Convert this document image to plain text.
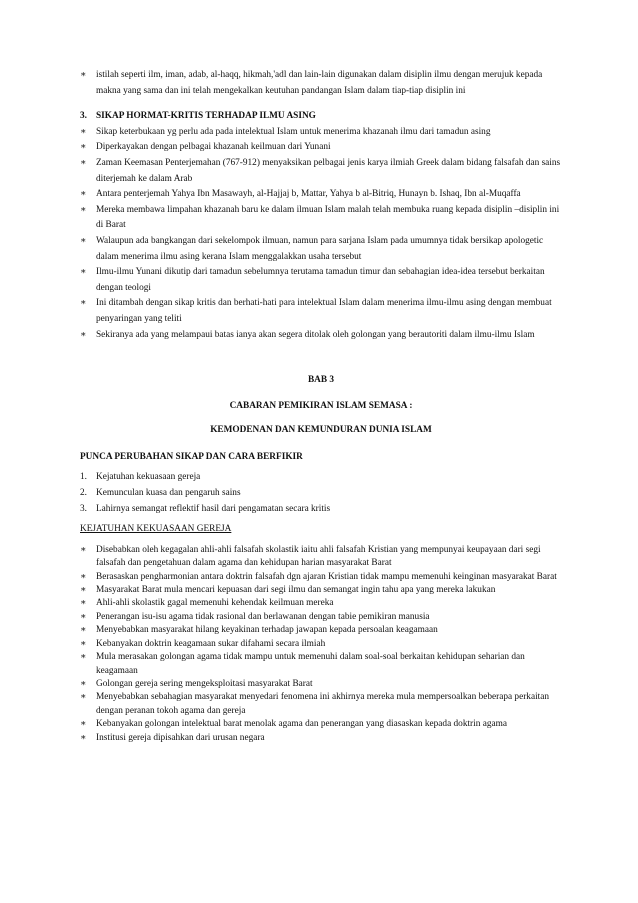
∗	istilah seperti ilm, iman, adab, al-haqq, hikmah,'adl dan lain-lain digunakan dalam disiplin ilmu dengan merujuk kepada makna yang sama dan ini telah mengekalkan keutuhan pandangan Islam dalam tiap-tiap disiplin ini
3. SIKAP HORMAT-KRITIS TERHADAP ILMU ASING
∗	Sikap keterbukaan yg perlu ada pada intelektual Islam untuk menerima khazanah ilmu dari tamadun asing
∗	Diperkayakan dengan pelbagai khazanah keilmuan dari Yunani
∗	Zaman Keemasan Penterjemahan (767-912) menyaksikan pelbagai jenis karya ilmiah Greek dalam bidang falsafah dan sains diterjemah ke dalam Arab
∗	Antara penterjemah Yahya Ibn Masawayh, al-Hajjaj b, Mattar, Yahya b al-Bitriq, Hunayn b. Ishaq, Ibn al-Muqaffa
∗	Mereka membawa limpahan khazanah baru ke dalam ilmuan Islam malah telah membuka ruang kepada disiplin –disiplin ini di Barat
∗	Walaupun ada bangkangan dari sekelompok ilmuan, namun para sarjana Islam pada umumnya tidak bersikap apologetic dalam menerima ilmu asing kerana Islam menggalakkan usaha tersebut
∗	Ilmu-ilmu Yunani dikutip dari tamadun sebelumnya terutama tamadun timur dan sebahagian idea-idea tersebut berkaitan dengan teologi
∗	Ini ditambah dengan sikap kritis dan berhati-hati para intelektual Islam dalam menerima ilmu-ilmu asing dengan membuat penyaringan yang teliti
∗	Sekiranya ada yang melampaui batas ianya akan segera ditolak oleh golongan yang berautoriti dalam ilmu-ilmu Islam
BAB 3
CABARAN PEMIKIRAN ISLAM SEMASA :
KEMODENAN DAN KEMUNDURAN DUNIA ISLAM
PUNCA PERUBAHAN SIKAP DAN CARA BERFIKIR
1. Kejatuhan kekuasaan gereja
2. Kemunculan kuasa dan pengaruh sains
3. Lahirnya semangat reflektif hasil dari pengamatan secara kritis
KEJATUHAN KEKUASAAN GEREJA
∗	Disebabkan oleh kegagalan ahli-ahli falsafah skolastik iaitu ahli falsafah Kristian yang mempunyai keupayaan dari segi falsafah dan pengetahuan dalam agama dan kehidupan harian masyarakat Barat
∗	Berasaskan pengharmonian antara doktrin falsafah dgn ajaran Kristian tidak mampu memenuhi keinginan masyarakat Barat
∗	Masyarakat Barat mula mencari kepuasan dari segi ilmu dan semangat ingin tahu apa yang mereka lakukan
∗	Ahli-ahli skolastik gagal memenuhi kehendak keilmuan mereka
∗	Penerangan isu-isu agama tidak rasional dan berlawanan dengan tabie pemikiran manusia
∗	Menyebabkan masyarakat hilang keyakinan terhadap jawapan kepada persoalan keagamaan
∗	Kebanyakan doktrin keagamaan sukar difahami secara ilmiah
∗	Mula merasakan golongan agama tidak mampu untuk memenuhi dalam soal-soal berkaitan kehidupan seharian dan keagamaan
∗	Golongan gereja sering mengeksploitasi masyarakat Barat
∗	Menyebabkan sebahagian masyarakat menyedari fenomena ini akhirnya mereka mula mempersoalkan beberapa perkaitan dengan peranan tokoh agama dan gereja
∗	Kebanyakan golongan intelektual barat menolak agama dan penerangan yang diasaskan kepada doktrin agama
∗	Institusi gereja dipisahkan dari urusan negara
